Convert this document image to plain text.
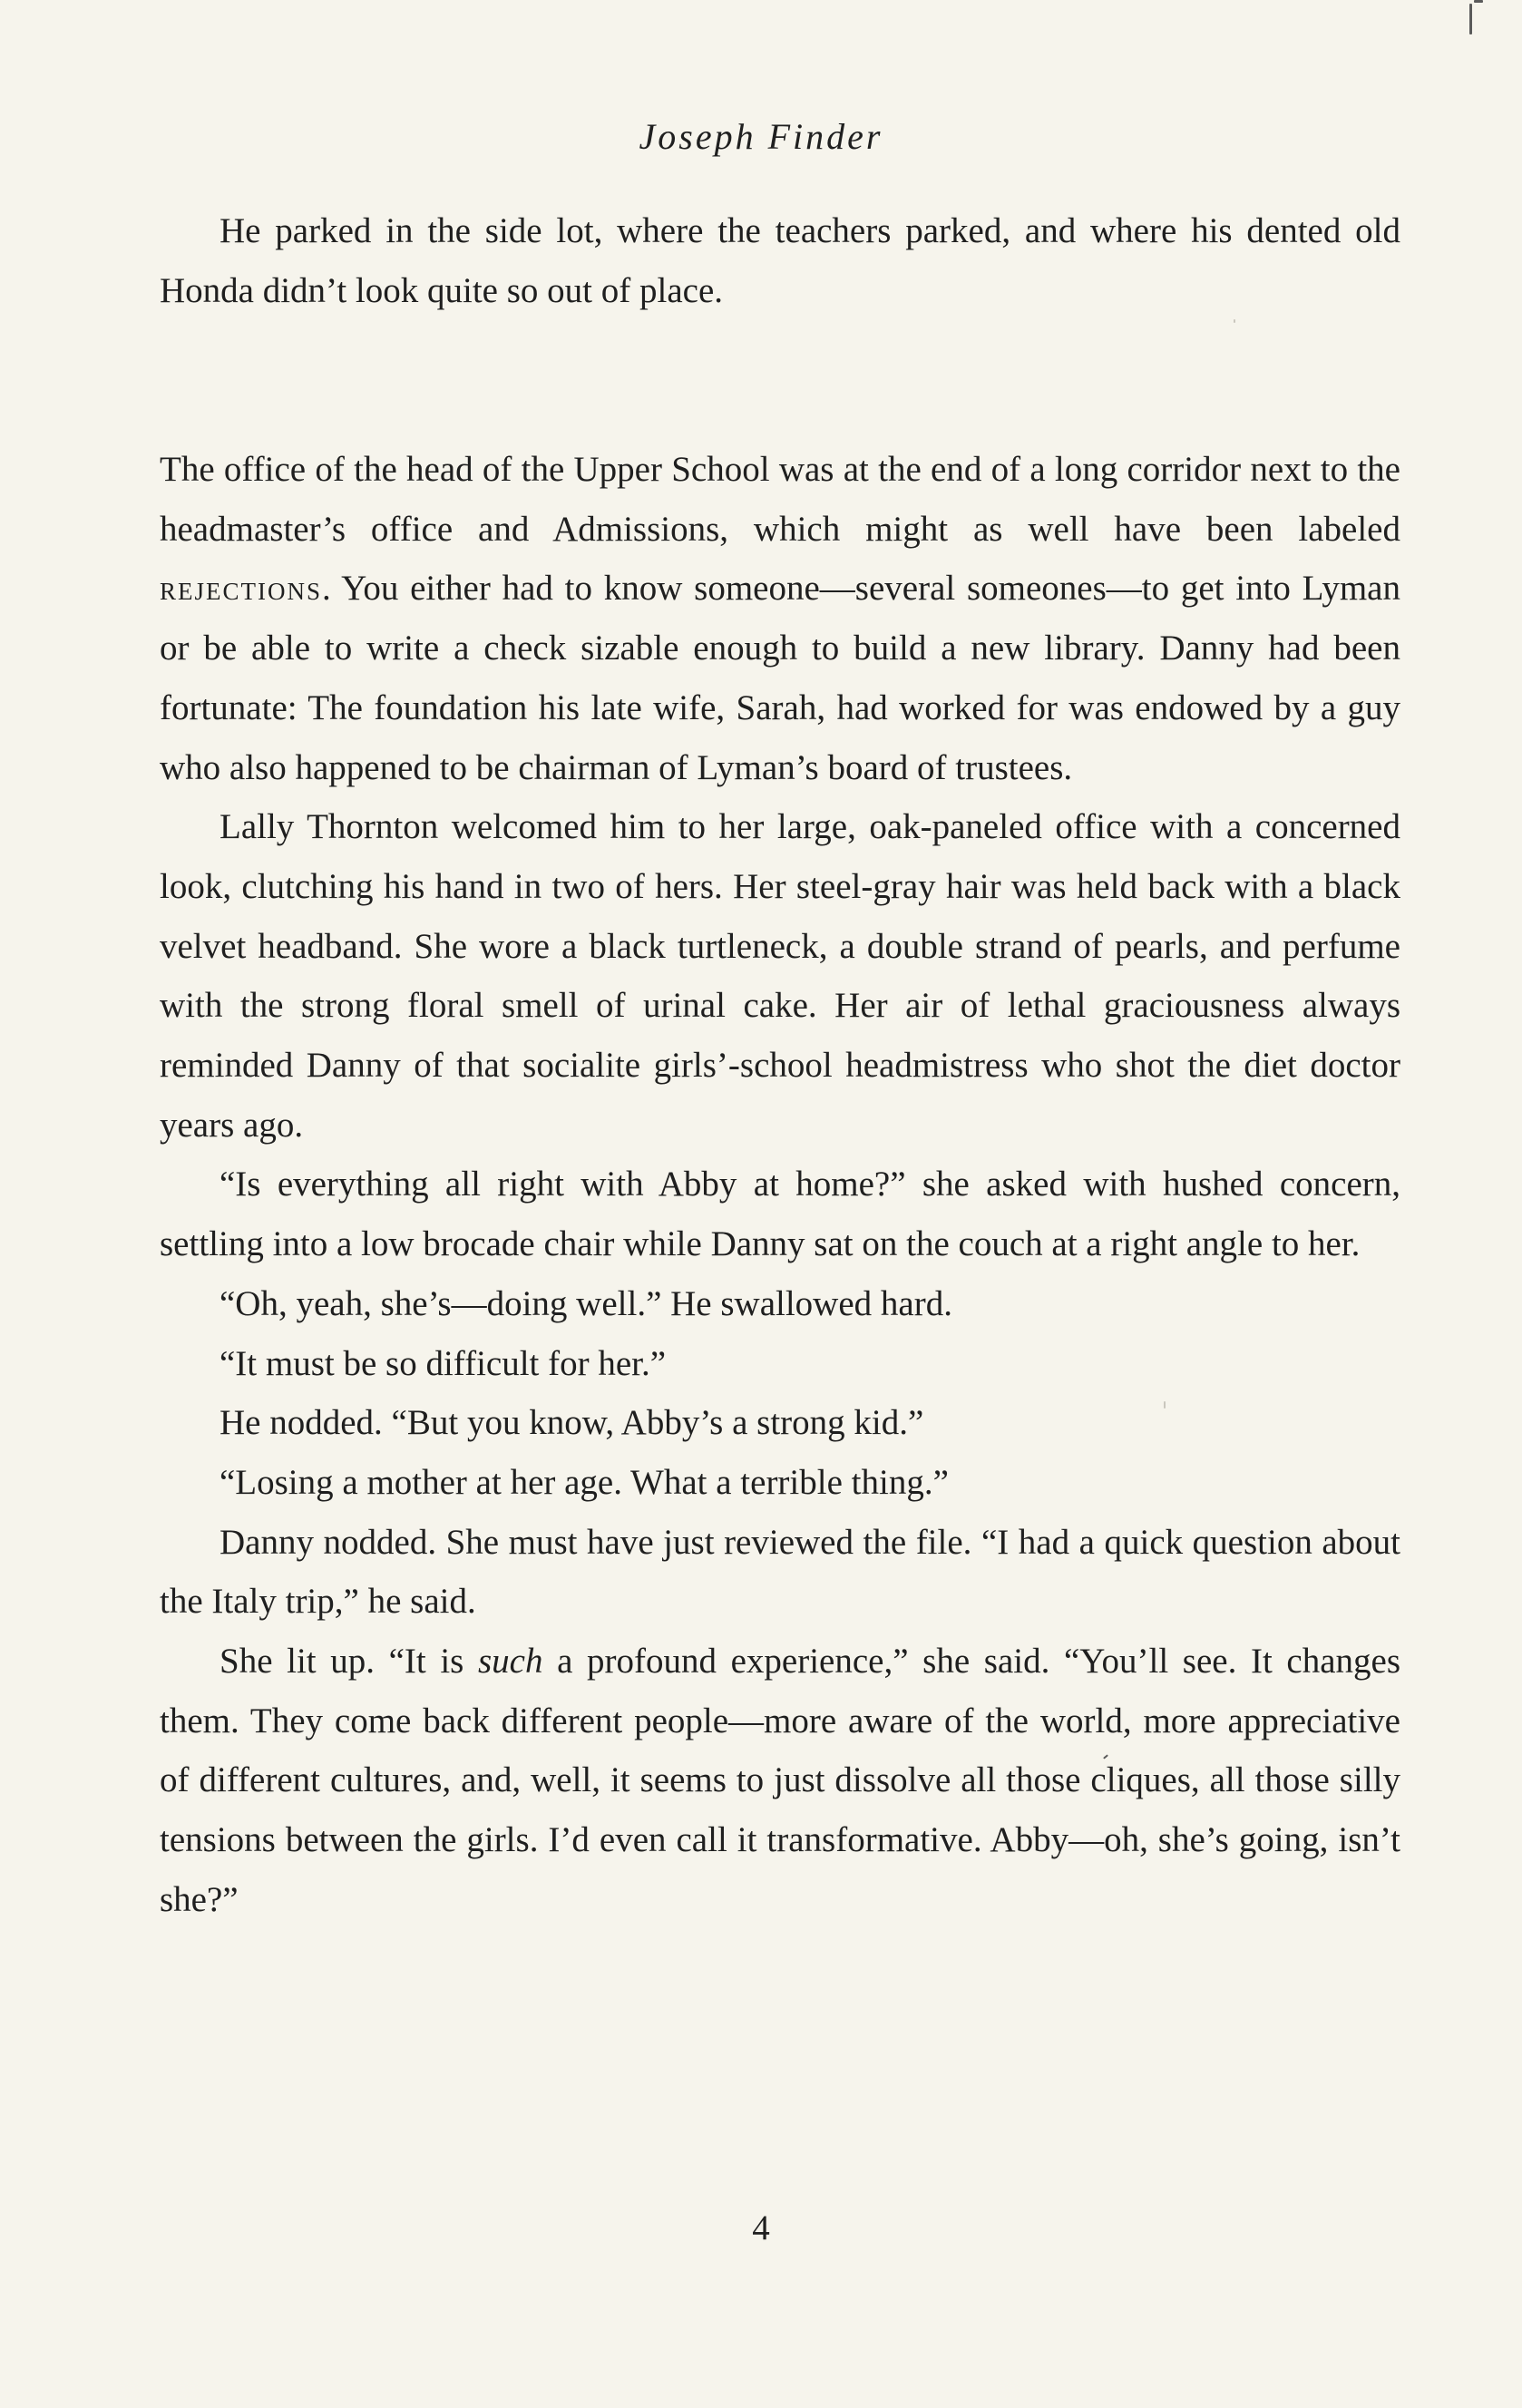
Joseph Finder

He parked in the side lot, where the teachers parked, and where his dented old Honda didn’t look quite so out of place.

The office of the head of the Upper School was at the end of a long corridor next to the headmaster’s office and Admissions, which might as well have been labeled rejections. You either had to know someone—several someones—to get into Lyman or be able to write a check sizable enough to build a new library. Danny had been fortunate: The foundation his late wife, Sarah, had worked for was endowed by a guy who also happened to be chairman of Lyman’s board of trustees.

Lally Thornton welcomed him to her large, oak-paneled office with a concerned look, clutching his hand in two of hers. Her steel-gray hair was held back with a black velvet headband. She wore a black turtleneck, a double strand of pearls, and perfume with the strong floral smell of urinal cake. Her air of lethal graciousness always reminded Danny of that socialite girls’-school headmistress who shot the diet doctor years ago.

“Is everything all right with Abby at home?” she asked with hushed concern, settling into a low brocade chair while Danny sat on the couch at a right angle to her.

“Oh, yeah, she’s—doing well.” He swallowed hard.

“It must be so difficult for her.”

He nodded. “But you know, Abby’s a strong kid.”

“Losing a mother at her age. What a terrible thing.”

Danny nodded. She must have just reviewed the file. “I had a quick question about the Italy trip,” he said.

She lit up. “It is such a profound experience,” she said. “You’ll see. It changes them. They come back different people—more aware of the world, more appreciative of different cultures, and, well, it seems to just dissolve all those cliques, all those silly tensions between the girls. I’d even call it transformative. Abby—oh, she’s going, isn’t she?”

4
